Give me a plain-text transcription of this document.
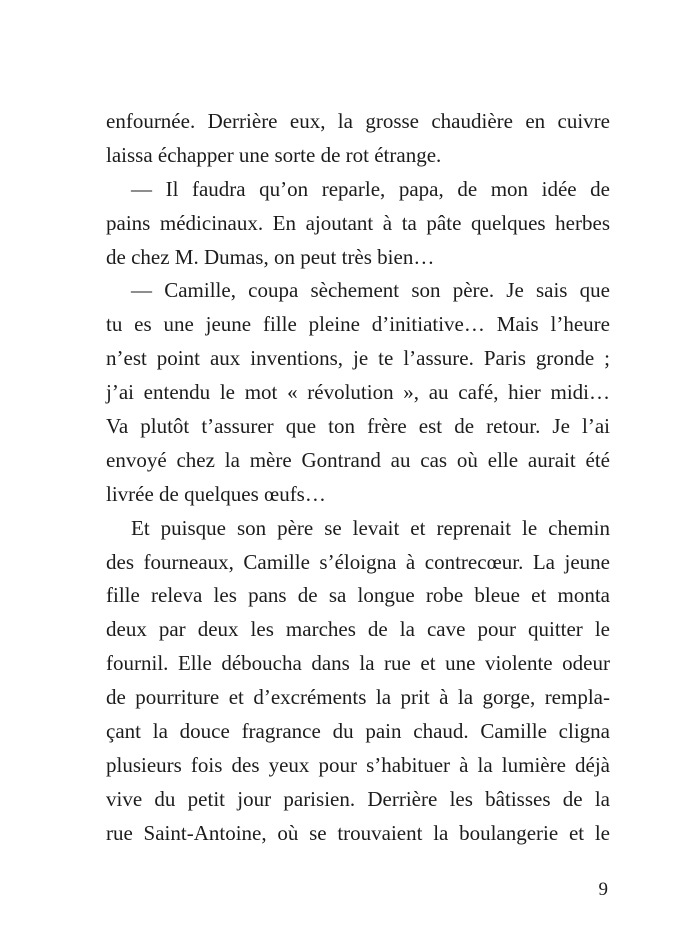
enfournée. Derrière eux, la grosse chaudière en cuivre
laissa échapper une sorte de rot étrange.
— Il faudra qu’on reparle, papa, de mon idée de
pains médicinaux. En ajoutant à ta pâte quelques herbes
de chez M. Dumas, on peut très bien…
— Camille, coupa sèchement son père. Je sais que
tu es une jeune fille pleine d’initiative… Mais l’heure
n’est point aux inventions, je te l’assure. Paris gronde ;
j’ai entendu le mot « révolution », au café, hier midi…
Va plutôt t’assurer que ton frère est de retour. Je l’ai
envoyé chez la mère Gontrand au cas où elle aurait été
livrée de quelques œufs…
Et puisque son père se levait et reprenait le chemin
des fourneaux, Camille s’éloigna à contrecœur. La jeune
fille releva les pans de sa longue robe bleue et monta
deux par deux les marches de la cave pour quitter le
fournil. Elle déboucha dans la rue et une violente odeur
de pourriture et d’excréments la prit à la gorge, rempla-
çant la douce fragrance du pain chaud. Camille cligna
plusieurs fois des yeux pour s’habituer à la lumière déjà
vive du petit jour parisien. Derrière les bâtisses de la
rue Saint-Antoine, où se trouvaient la boulangerie et le
9
